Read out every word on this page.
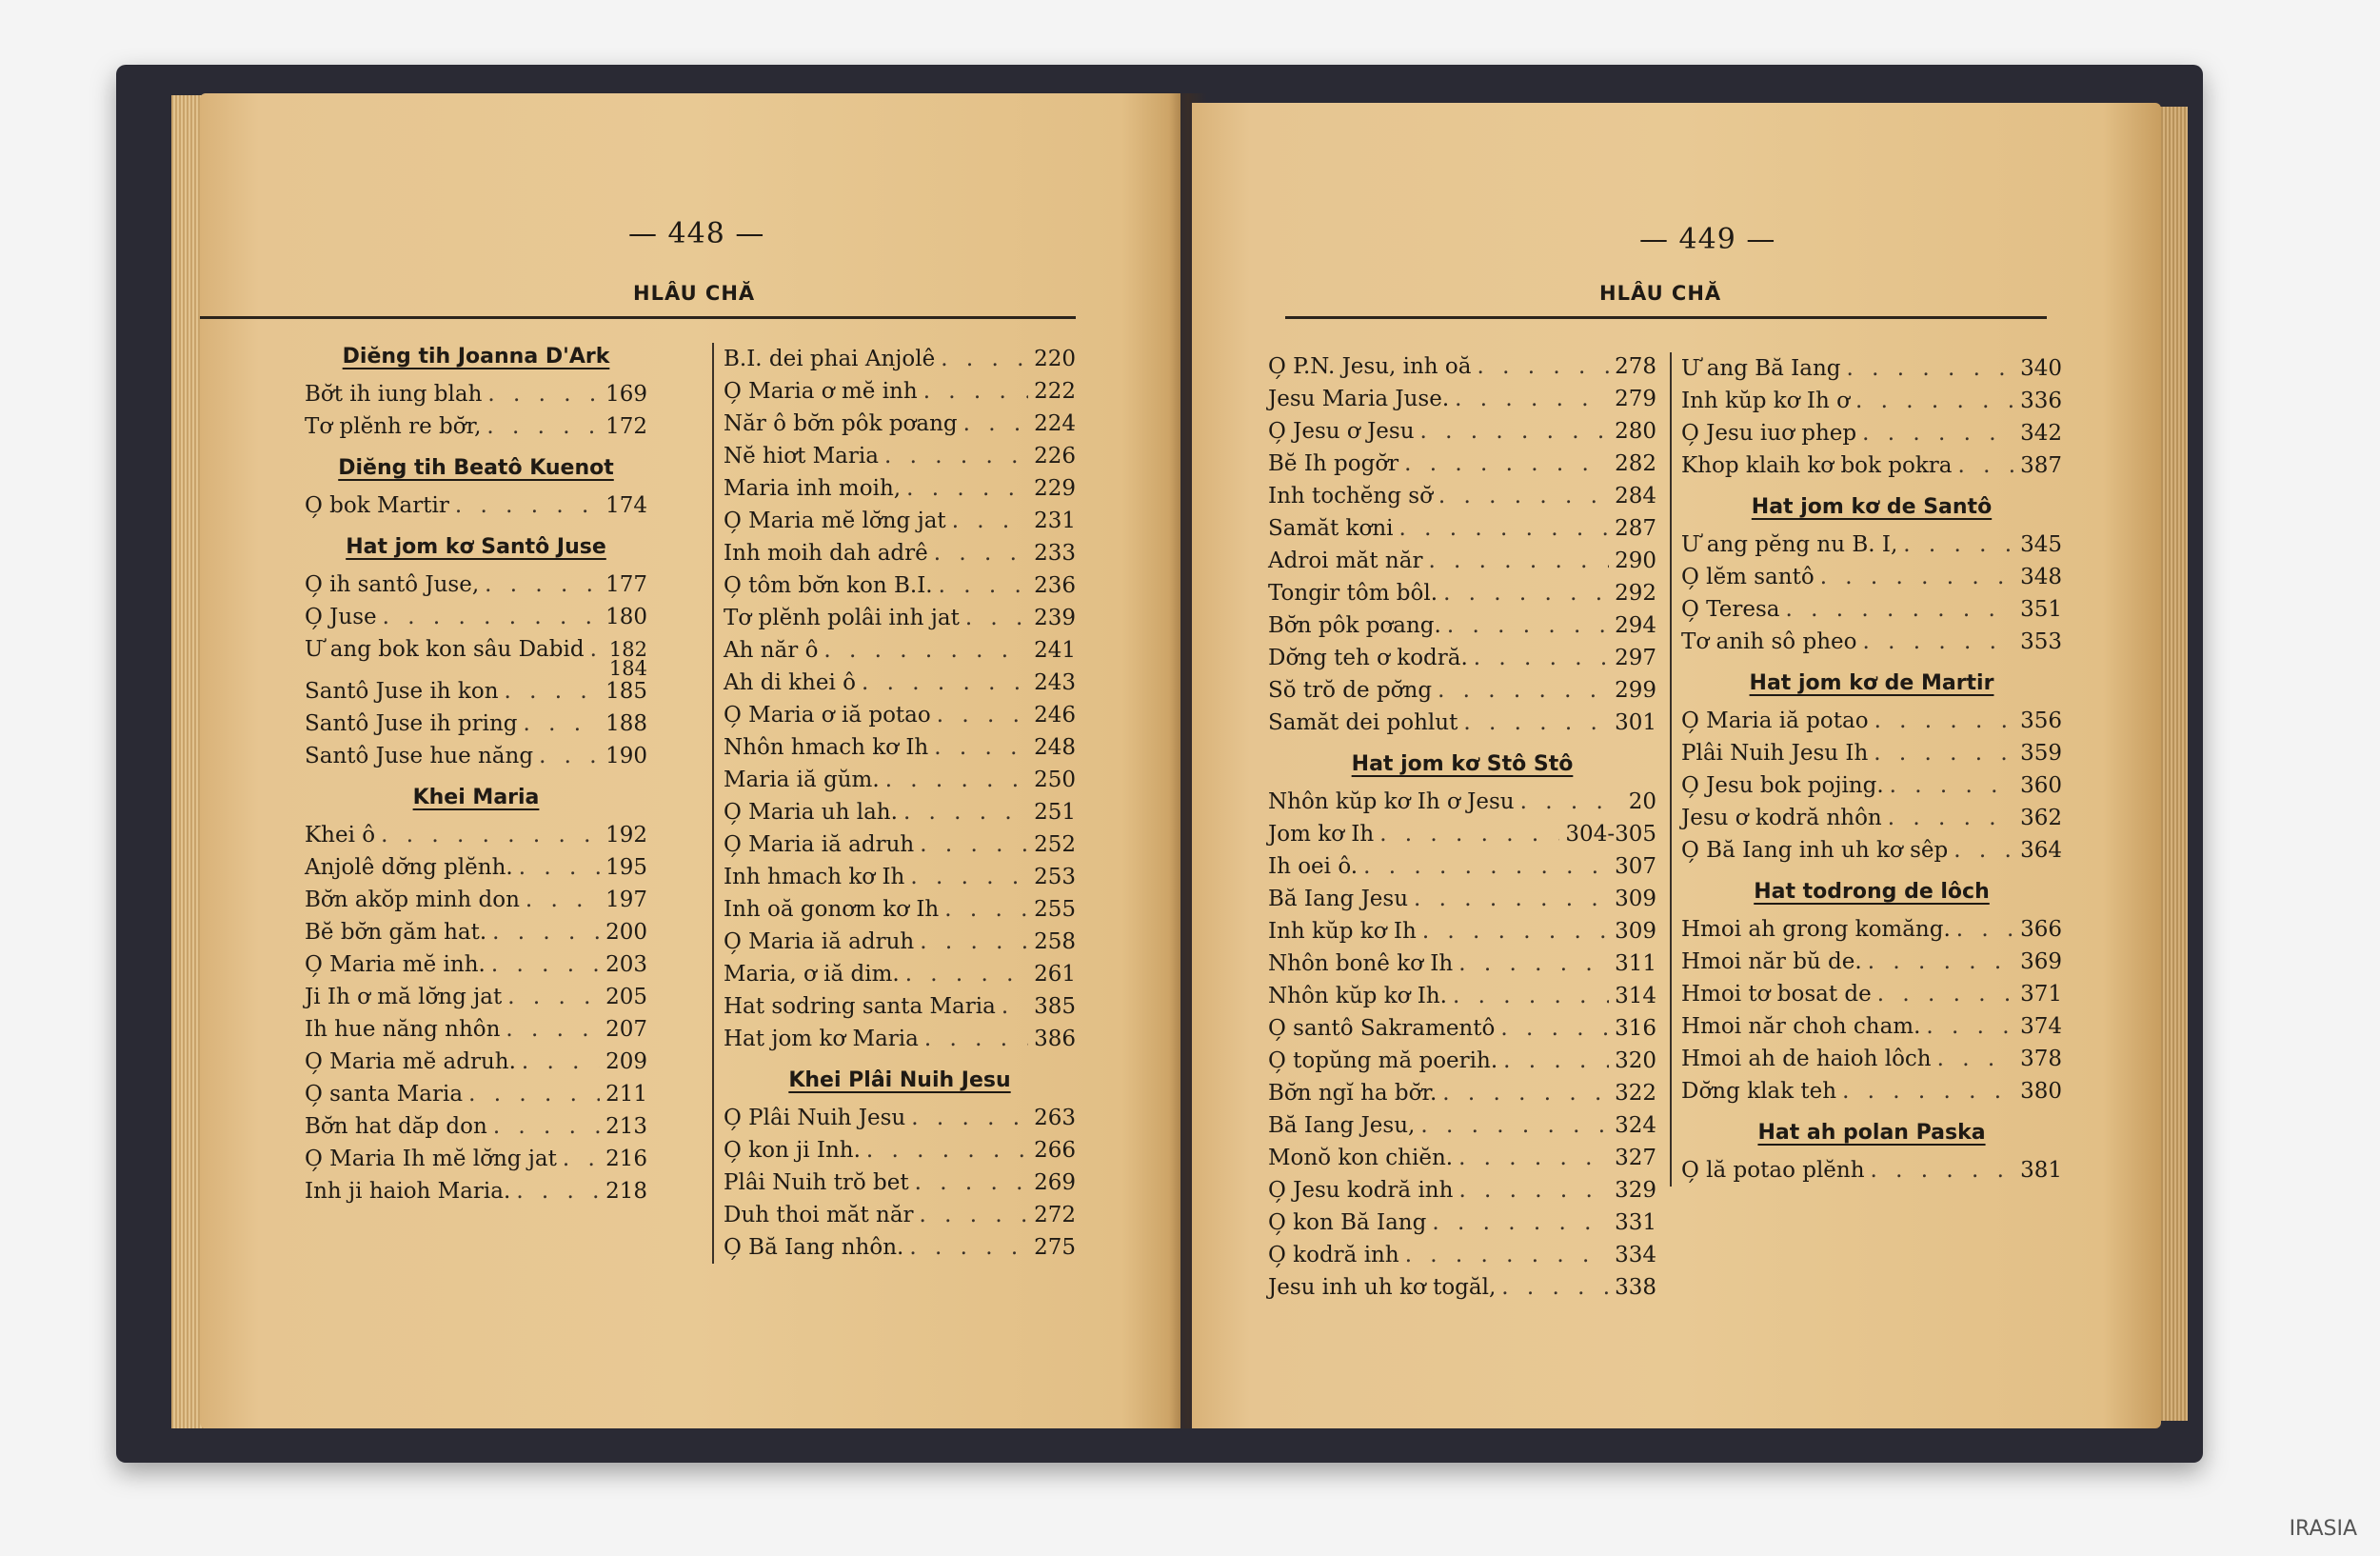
— 448 —
HLÂU CHĂ
Diĕng tih Joanna D'Ark
Bơ̆t ih iung blah . . .	169
Tơ plĕnh re bơ̆r, . . .	172
Diĕng tih Beatô Kuenot
O̗ bok Martir . . .	174
Hat jom kơ Santô Juse
O̗ ih santô Juse, . . .	177
O̗ Juse . . .	180
Ư ang bok kon sâu Dabid . . . 182
184
Santô Juse ih kon . . .	185
Santô Juse ih pring . . .	188
Santô Juse hue năng . . .	190
Khei Maria
Khei ô . . .	192
Anjolê dơ̆ng plĕnh. . . .	195
Bơ̆n akŏp minh don . . .	197
Bĕ bơ̆n găm hat. . . .	200
O̗ Maria mĕ inh. . . .	203
Ji Ih ơ mă lơ̆ng jat . . .	205
Ih hue năng nhôn . . .	207
O̗ Maria mĕ adruh. . . .	209
O̗ santa Maria . . .	211
Bơ̆n hat dăp don . . .	213
O̗ Maria Ih mĕ lơ̆ng jat . . . 216
Inh ji haioh Maria. . . .	218
B.I. dei phai Anjolê . . .	220
O̗ Maria ơ mĕ inh . . .	222
Năr ô bơ̆n pôk pơang . . .	224
Nĕ hiơt Maria . . .	226
Maria inh moih, . . .	229
O̗ Maria mĕ lơ̆ng jat . . .	231
Inh moih dah adrê . . .	233
O̗ tôm bơ̆n kon B.I. . . .	236
Tơ plĕnh polâi inh jat . . .	239
Ah năr ô . . .	241
Ah di khei ô . . .	243
O̗ Maria ơ iă potao . . .	246
Nhôn hmach kơ Ih . . .	248
Maria iă gŭm. . . .	250
O̗ Maria uh lah. . . .	251
O̗ Maria iă adruh . . .	252
Inh hmach kơ Ih . . .	253
Inh oă gonơm kơ Ih . . .	255
O̗ Maria iă adruh . . .	258
Maria, ơ iă dim. . . .	261
Hat sodring santa Maria . . . 385
Hat jom kơ Maria . . .	386
Khei Plâi Nuih Jesu
O̗ Plâi Nuih Jesu . . .	263
O̗ kon ji Inh. . . .	266
Plâi Nuih trŏ bet . . .	269
Duh thoi măt năr . . .	272
O̗ Bă Iang nhôn. . . .	275
— 449 —
HLÂU CHĂ
O̗ P.N. Jesu, inh oă . . .	278
Jesu Maria Juse. . . .	279
O̗ Jesu ơ Jesu . . .	280
Bĕ Ih pogơ̆r . . .	282
Inh tochĕng sơ̆ . . .	284
Samăt kơni . . .	287
Adroi măt năr . . .	290
Tongir tôm bôl. . . .	292
Bơ̆n pôk pơang. . . .	294
Dơ̆ng teh ơ kodră. . . .	297
Sŏ trŏ de pơ̆ng . . .	299
Samăt dei pohlut . . .	301
Hat jom kơ Stô Stô
Nhôn kŭp kơ Ih ơ Jesu . . .	20
Jom kơ Ih . . .	304-305
Ih oei ô. . . .	307
Bă Iang Jesu . . .	309
Inh kŭp kơ Ih . . .	309
Nhôn bonê kơ Ih . . .	311
Nhôn kŭp kơ Ih. . . .	314
O̗ santô Sakramentô . . .	316
O̗ topŭng mă poerih. . . .	320
Bơ̆n ngĭ ha bơ̆r. . . .	322
Bă Iang Jesu, . . .	324
Monŏ kon chiĕn. . . .	327
O̗ Jesu kodră inh . . .	329
O̗ kon Bă Iang . . .	331
O̗ kodră inh . . .	334
Jesu inh uh kơ togăl, . . .	338
Ư ang Bă Iang . . .	340
Inh kŭp kơ Ih ơ . . .	336
O̗ Jesu iuơ phep . . .	342
Khop klaih kơ bok pokra . . .	387
Hat jom kơ de Santô
Ư ang pĕng nu B. I, . . .	345
O̗ lĕm santô . . .	348
O̗ Teresa . . .	351
Tơ anih sô pheo . . .	353
Hat jom kơ de Martir
O̗ Maria iă potao . . .	356
Plâi Nuih Jesu Ih . . .	359
O̗ Jesu bok pojing. . . .	360
Jesu ơ kodră nhôn . . .	362
O̗ Bă Iang inh uh kơ sêp . . .	364
Hat todrong de lôch
Hmoi ah grong komăng. . . .	366
Hmoi năr bŭ de. . . .	369
Hmoi tơ bosat de . . .	371
Hmoi năr choh cham. . . .	374
Hmoi ah de haioh lôch . . .	378
Dơ̆ng klak teh . . .	380
Hat ah polan Paska
O̗ lă potao plĕnh . . .	381
IRASIA
